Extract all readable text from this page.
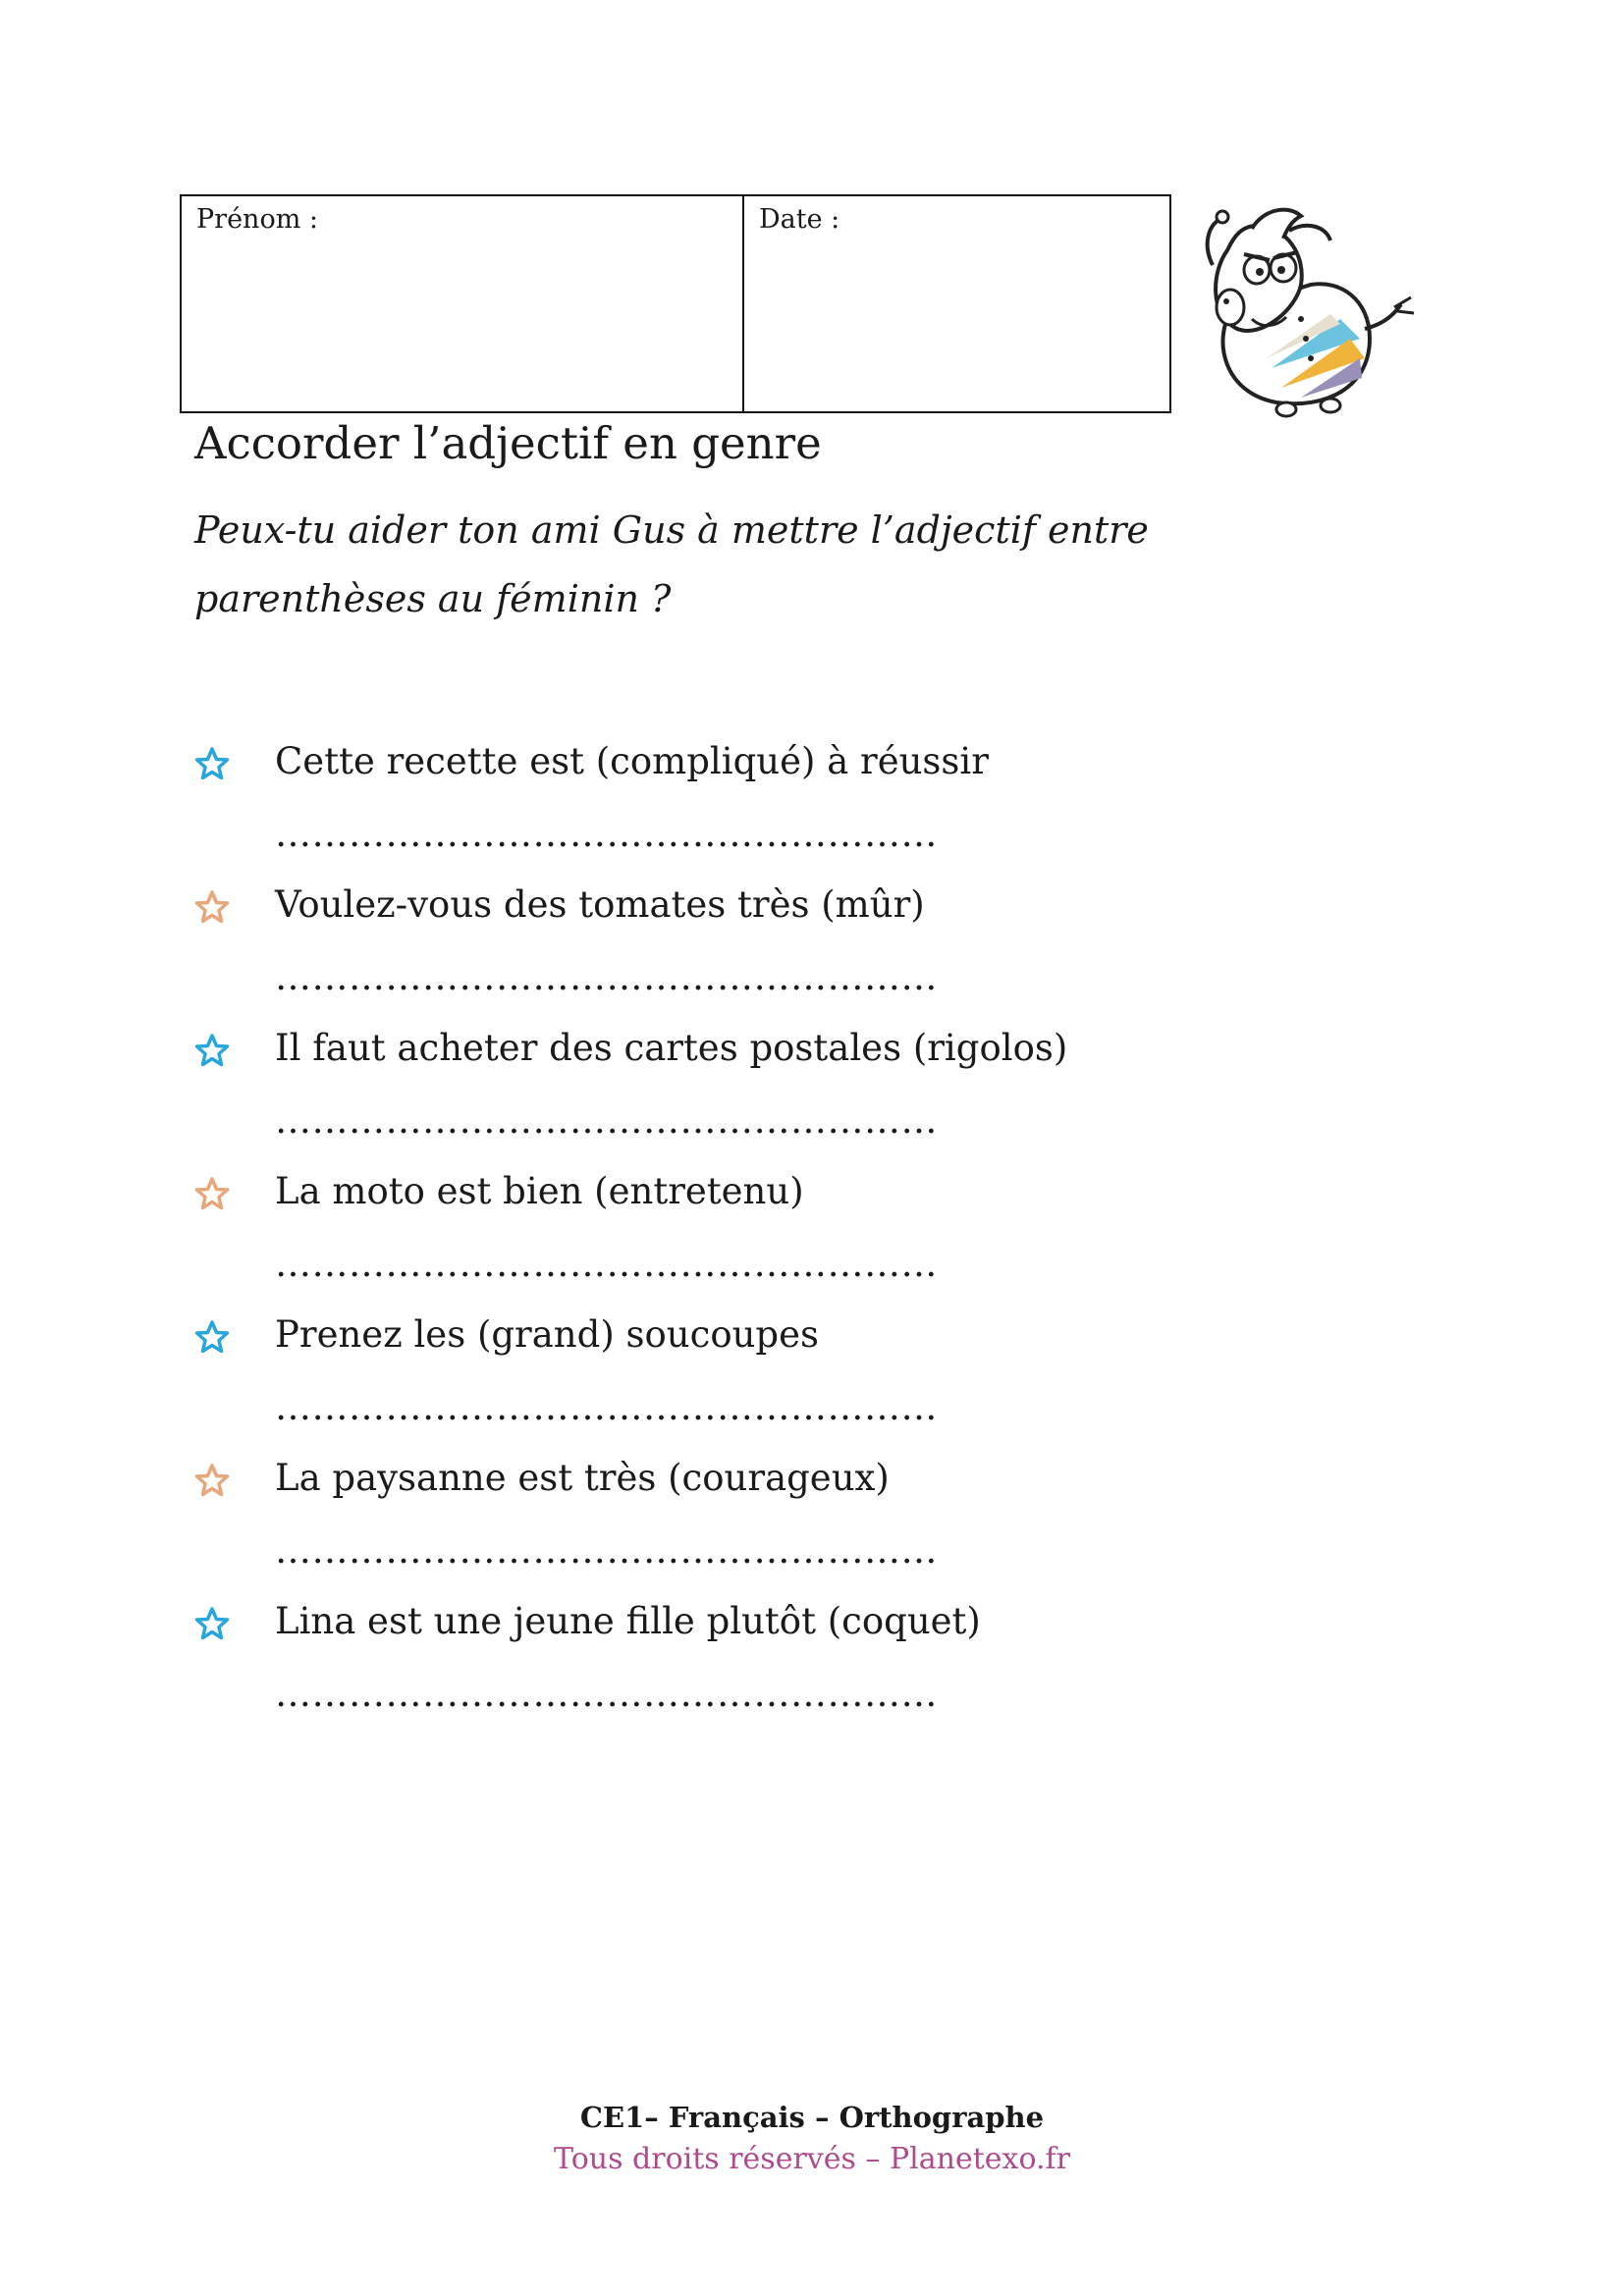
Prénom :	Date :
Accorder l’adjectif en genre

Peux-tu aider ton ami Gus à mettre l’adjectif entre parenthèses au féminin ?

Cette recette est (compliqué) à réussir
………………………………………………
Voulez-vous des tomates très (mûr)
………………………………………………
Il faut acheter des cartes postales (rigolos)
………………………………………………
La moto est bien (entretenu)
………………………………………………
Prenez les (grand) soucoupes
………………………………………………
La paysanne est très (courageux)
………………………………………………
Lina est une jeune fille plutôt (coquet)
………………………………………………
CE1– Français – Orthographe
Tous droits réservés – Planetexo.fr
